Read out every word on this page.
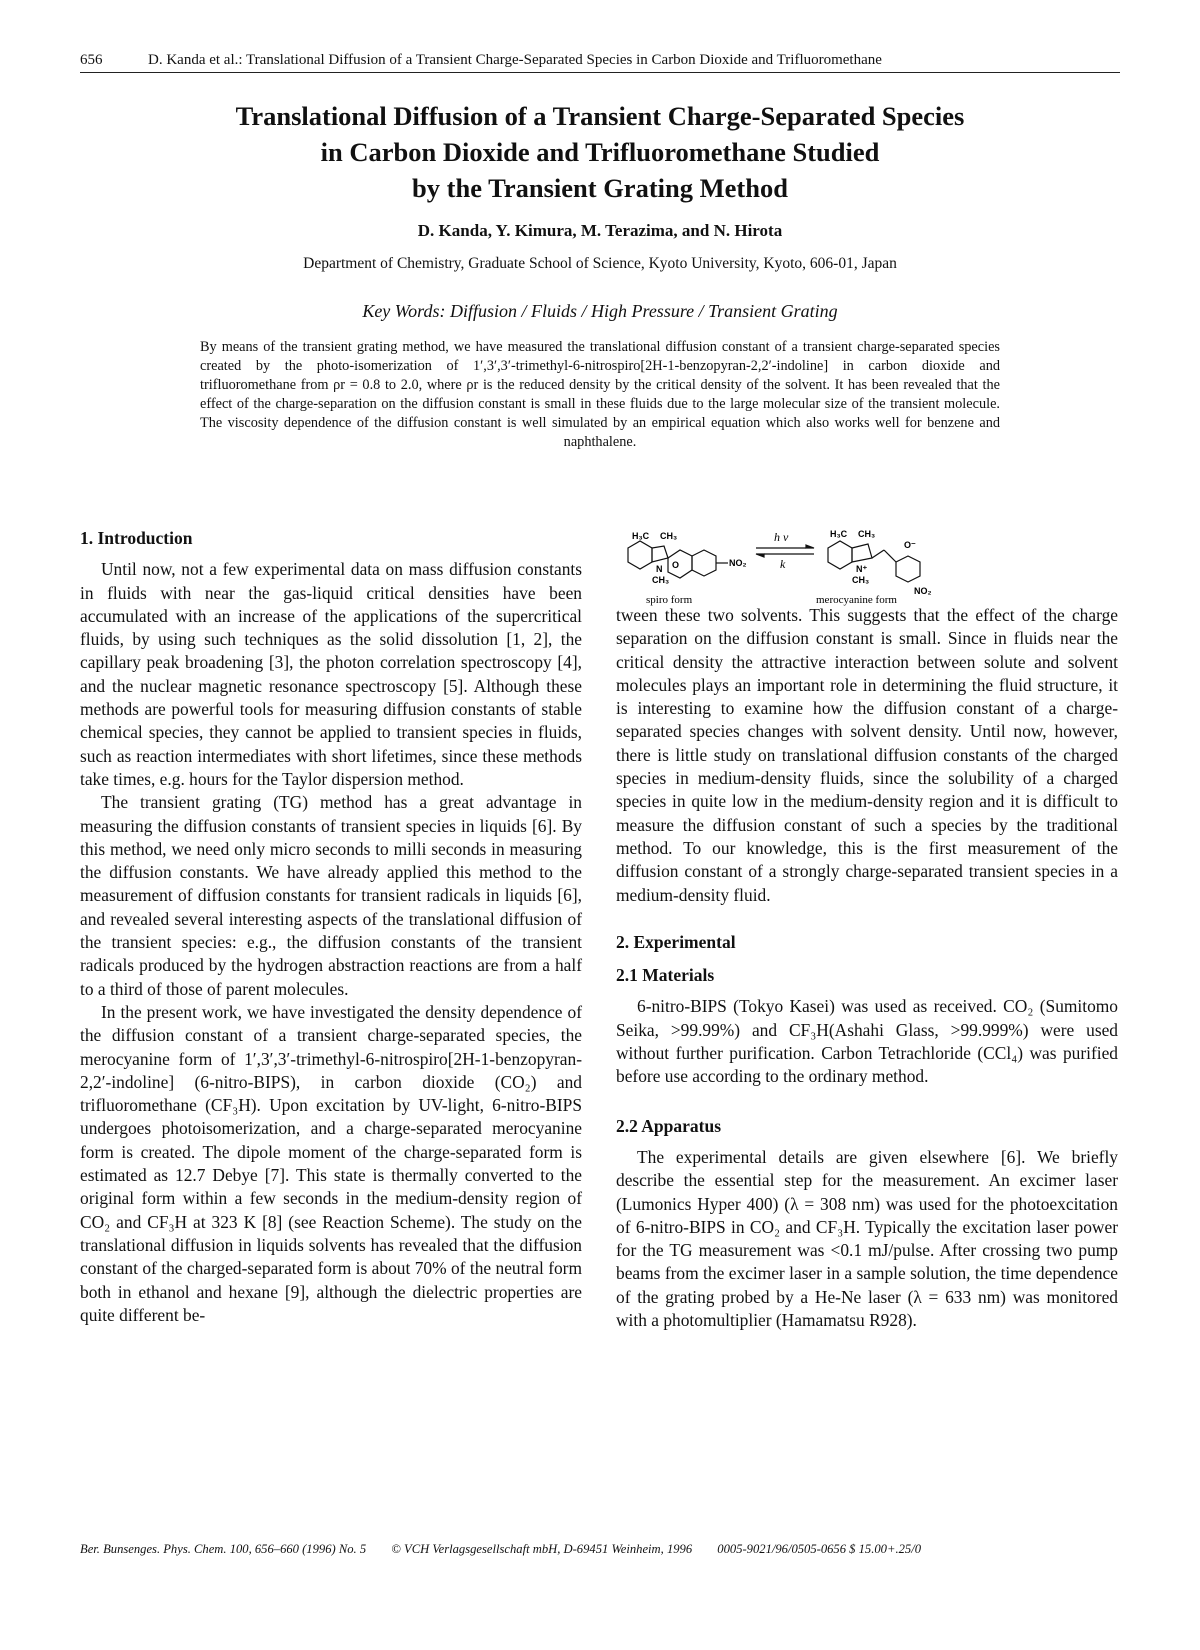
656	D. Kanda et al.: Translational Diffusion of a Transient Charge-Separated Species in Carbon Dioxide and Trifluoromethane
Translational Diffusion of a Transient Charge-Separated Species
in Carbon Dioxide and Trifluoromethane Studied
by the Transient Grating Method
D. Kanda, Y. Kimura, M. Terazima, and N. Hirota
Department of Chemistry, Graduate School of Science, Kyoto University, Kyoto, 606-01, Japan
Key Words: Diffusion / Fluids / High Pressure / Transient Grating
By means of the transient grating method, we have measured the translational diffusion constant of a transient charge-separated species created by the photo-isomerization of 1′,3′,3′-trimethyl-6-nitrospiro[2H-1-benzopyran-2,2′-indoline] in carbon dioxide and trifluoromethane from ρr = 0.8 to 2.0, where ρr is the reduced density by the critical density of the solvent. It has been revealed that the effect of the charge-separation on the diffusion constant is small in these fluids due to the large molecular size of the transient molecule. The viscosity dependence of the diffusion constant is well simulated by an empirical equation which also works well for benzene and naphthalene.

1. Introduction

Until now, not a few experimental data on mass diffusion constants in fluids with near the gas-liquid critical densities have been accumulated with an increase of the applications of the supercritical fluids, by using such techniques as the solid dissolution [1, 2], the capillary peak broadening [3], the photon correlation spectroscopy [4], and the nuclear magnetic resonance spectroscopy [5]. Although these methods are powerful tools for measuring diffusion constants of stable chemical species, they cannot be applied to transient species in fluids, such as reaction intermediates with short lifetimes, since these methods take times, e.g. hours for the Taylor dispersion method.

The transient grating (TG) method has a great advantage in measuring the diffusion constants of transient species in liquids [6]. By this method, we need only micro seconds to milli seconds in measuring the diffusion constants. We have already applied this method to the measurement of diffusion constants for transient radicals in liquids [6], and revealed several interesting aspects of the translational diffusion of the transient species: e.g., the diffusion constants of the transient radicals produced by the hydrogen abstraction reactions are from a half to a third of those of parent molecules.

In the present work, we have investigated the density dependence of the diffusion constant of a transient charge-separated species, the merocyanine form of 1′,3′,3′-trimethyl-6-nitrospiro[2H-1-benzopyran-2,2′-indoline] (6-nitro-BIPS), in carbon dioxide (CO₂) and trifluoromethane (CF₃H). Upon excitation by UV-light, 6-nitro-BIPS undergoes photoisomerization, and a charge-separated merocyanine form is created. The dipole moment of the charge-separated form is estimated as 12.7 Debye [7]. This state is thermally converted to the original form within a few seconds in the medium-density region of CO₂ and CF₃H at 323 K [8] (see Reaction Scheme). The study on the translational diffusion in liquids solvents has revealed that the diffusion constant of the charged-separated form is about 70% of the neutral form both in ethanol and hexane [9], although the dielectric properties are quite different be-

H₃C CH₃
N O
CH₃
NO₂
spiro form
h ν
k
H₃C CH₃
O⁻
N⁺
CH₃
NO₂
merocyanine form

tween these two solvents. This suggests that the effect of the charge separation on the diffusion constant is small. Since in fluids near the critical density the attractive interaction between solute and solvent molecules plays an important role in determining the fluid structure, it is interesting to examine how the diffusion constant of a charge-separated species changes with solvent density. Until now, however, there is little study on translational diffusion constants of the charged species in medium-density fluids, since the solubility of a charged species in quite low in the medium-density region and it is difficult to measure the diffusion constant of such a species by the traditional method. To our knowledge, this is the first measurement of the diffusion constant of a strongly charge-separated transient species in a medium-density fluid.

2. Experimental

2.1 Materials

6-nitro-BIPS (Tokyo Kasei) was used as received. CO₂ (Sumitomo Seika, >99.99%) and CF₃H(Ashahi Glass, >99.999%) were used without further purification. Carbon Tetrachloride (CCl₄) was purified before use according to the ordinary method.

2.2 Apparatus

The experimental details are given elsewhere [6]. We briefly describe the essential step for the measurement. An excimer laser (Lumonics Hyper 400) (λ = 308 nm) was used for the photoexcitation of 6-nitro-BIPS in CO₂ and CF₃H. Typically the excitation laser power for the TG measurement was <0.1 mJ/pulse. After crossing two pump beams from the excimer laser in a sample solution, the time dependence of the grating probed by a He-Ne laser (λ = 633 nm) was monitored with a photomultiplier (Hamamatsu R928).

Ber. Bunsenges. Phys. Chem. 100, 656–660 (1996) No. 5 © VCH Verlagsgesellschaft mbH, D-69451 Weinheim, 1996 0005-9021/96/0505-0656 $ 15.00+.25/0
